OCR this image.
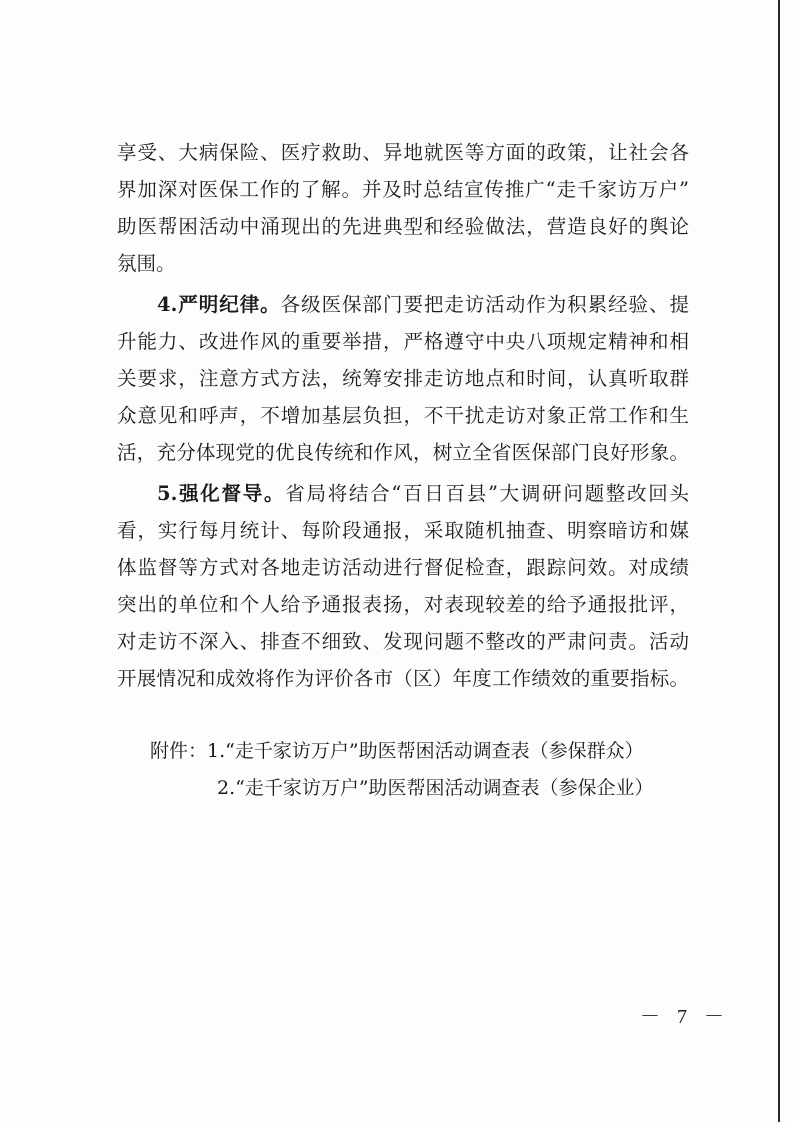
享受、大病保险、医疗救助、异地就医等方面的政策，让社会各
界加深对医保工作的了解。并及时总结宣传推广“走千家访万户”
助医帮困活动中涌现出的先进典型和经验做法，营造良好的舆论
氛围。
4.严明纪律。各级医保部门要把走访活动作为积累经验、提
升能力、改进作风的重要举措，严格遵守中央八项规定精神和相
关要求，注意方式方法，统筹安排走访地点和时间，认真听取群
众意见和呼声，不增加基层负担，不干扰走访对象正常工作和生
活，充分体现党的优良传统和作风，树立全省医保部门良好形象。
5.强化督导。省局将结合“百日百县”大调研问题整改回头
看，实行每月统计、每阶段通报，采取随机抽查、明察暗访和媒
体监督等方式对各地走访活动进行督促检查，跟踪问效。对成绩
突出的单位和个人给予通报表扬，对表现较差的给予通报批评，
对走访不深入、排查不细致、发现问题不整改的严肃问责。活动
开展情况和成效将作为评价各市（区）年度工作绩效的重要指标。
附件：1.“走千家访万户”助医帮困活动调查表（参保群众）
2.“走千家访万户”助医帮困活动调查表（参保企业）
－ 7 －
